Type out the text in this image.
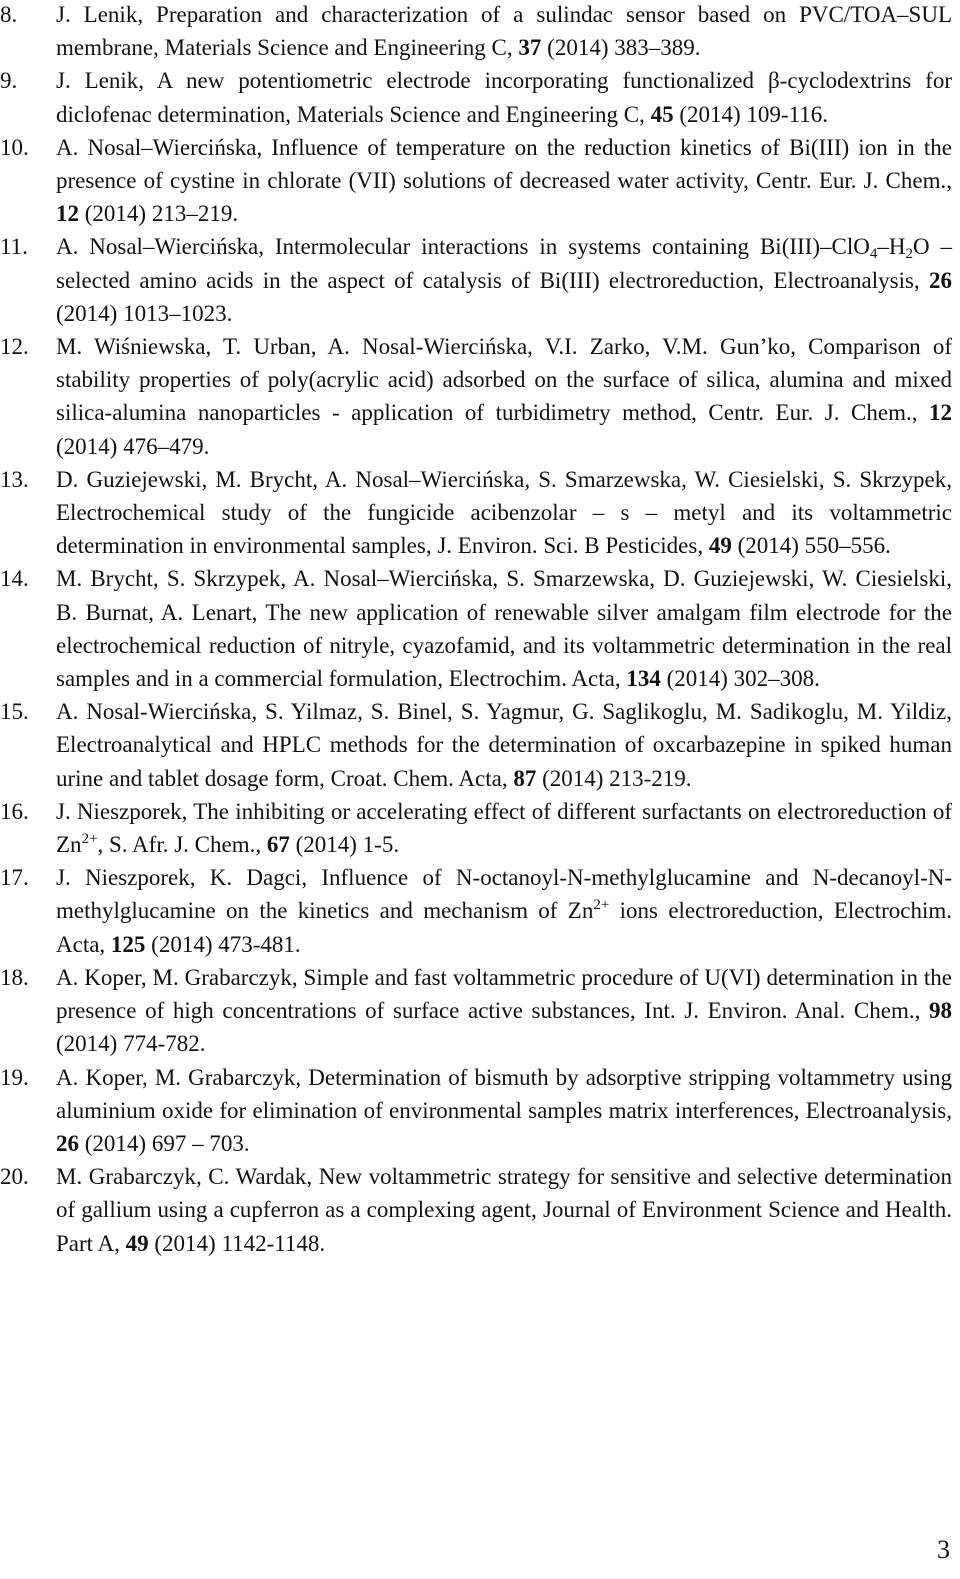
8. J. Lenik, Preparation and characterization of a sulindac sensor based on PVC/TOA–SUL membrane, Materials Science and Engineering C, 37 (2014) 383–389.
9. J. Lenik, A new potentiometric electrode incorporating functionalized β-cyclodextrins for diclofenac determination, Materials Science and Engineering C, 45 (2014) 109-116.
10. A. Nosal–Wiercińska, Influence of temperature on the reduction kinetics of Bi(III) ion in the presence of cystine in chlorate (VII) solutions of decreased water activity, Centr. Eur. J. Chem., 12 (2014) 213–219.
11. A. Nosal–Wiercińska, Intermolecular interactions in systems containing $Bi(III)-ClO_4-H_2O$ – selected amino acids in the aspect of catalysis of Bi(III) electroreduction, Electroanalysis, 26 (2014) 1013–1023.
12. M. Wiśniewska, T. Urban, A. Nosal-Wiercińska, V.I. Zarko, V.M. Gun’ko, Comparison of stability properties of poly(acrylic acid) adsorbed on the surface of silica, alumina and mixed silica-alumina nanoparticles - application of turbidimetry method, Centr. Eur. J. Chem., 12 (2014) 476–479.
13. D. Guziejewski, M. Brycht, A. Nosal–Wiercińska, S. Smarzewska, W. Ciesielski, S. Skrzypek, Electrochemical study of the fungicide acibenzolar – s – metyl and its voltammetric determination in environmental samples, J. Environ. Sci. B Pesticides, 49 (2014) 550–556.
14. M. Brycht, S. Skrzypek, A. Nosal–Wiercińska, S. Smarzewska, D. Guziejewski, W. Ciesielski, B. Burnat, A. Lenart, The new application of renewable silver amalgam film electrode for the electrochemical reduction of nitryle, cyazofamid, and its voltammetric determination in the real samples and in a commercial formulation, Electrochim. Acta, 134 (2014) 302–308.
15. A. Nosal-Wiercińska, S. Yilmaz, S. Binel, S. Yagmur, G. Saglikoglu, M. Sadikoglu, M. Yildiz, Electroanalytical and HPLC methods for the determination of oxcarbazepine in spiked human urine and tablet dosage form, Croat. Chem. Acta, 87 (2014) 213-219.
16. J. Nieszporek, The inhibiting or accelerating effect of different surfactants on electroreduction of $Zn^{2+}$, S. Afr. J. Chem., 67 (2014) 1-5.
17. J. Nieszporek, K. Dagci, Influence of N-octanoyl-N-methylglucamine and N-decanoyl-N-methylglucamine on the kinetics and mechanism of $Zn^{2+}$ ions electroreduction, Electrochim. Acta, 125 (2014) 473-481.
18. A. Koper, M. Grabarczyk, Simple and fast voltammetric procedure of U(VI) determination in the presence of high concentrations of surface active substances, Int. J. Environ. Anal. Chem., 98 (2014) 774-782.
19. A. Koper, M. Grabarczyk, Determination of bismuth by adsorptive stripping voltammetry using aluminium oxide for elimination of environmental samples matrix interferences, Electroanalysis, 26 (2014) 697 – 703.
20. M. Grabarczyk, C. Wardak, New voltammetric strategy for sensitive and selective determination of gallium using a cupferron as a complexing agent, Journal of Environment Science and Health. Part A, 49 (2014) 1142-1148.
3
